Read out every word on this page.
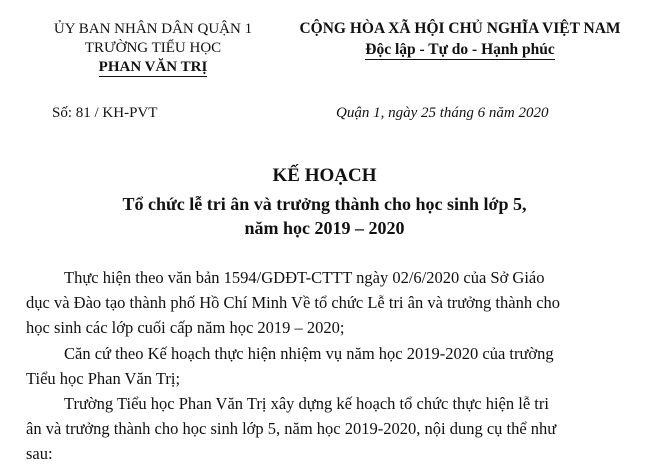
ỦY BAN NHÂN DÂN QUẬN 1
TRƯỜNG TIỂU HỌC
PHAN VĂN TRỊ
CỘNG HÒA XÃ HỘI CHỦ NGHĨA VIỆT NAM
Độc lập - Tự do - Hạnh phúc
Số: 81 / KH-PVT	Quận 1, ngày 25 tháng 6 năm 2020
KẾ HOẠCH
Tổ chức lễ tri ân và trưởng thành cho học sinh lớp 5,
năm học 2019 – 2020
Thực hiện theo văn bản 1594/GDĐT-CTTT ngày 02/6/2020 của Sở Giáo
dục và Đào tạo thành phố Hồ Chí Minh Về tổ chức Lễ tri ân và trưởng thành cho
học sinh các lớp cuối cấp năm học 2019 – 2020;
Căn cứ theo Kế hoạch thực hiện nhiệm vụ năm học 2019-2020 của trường
Tiểu học Phan Văn Trị;
Trường Tiểu học Phan Văn Trị xây dựng kế hoạch tổ chức thực hiện lễ tri
ân và trưởng thành cho học sinh lớp 5, năm học 2019-2020, nội dung cụ thể như
sau:
